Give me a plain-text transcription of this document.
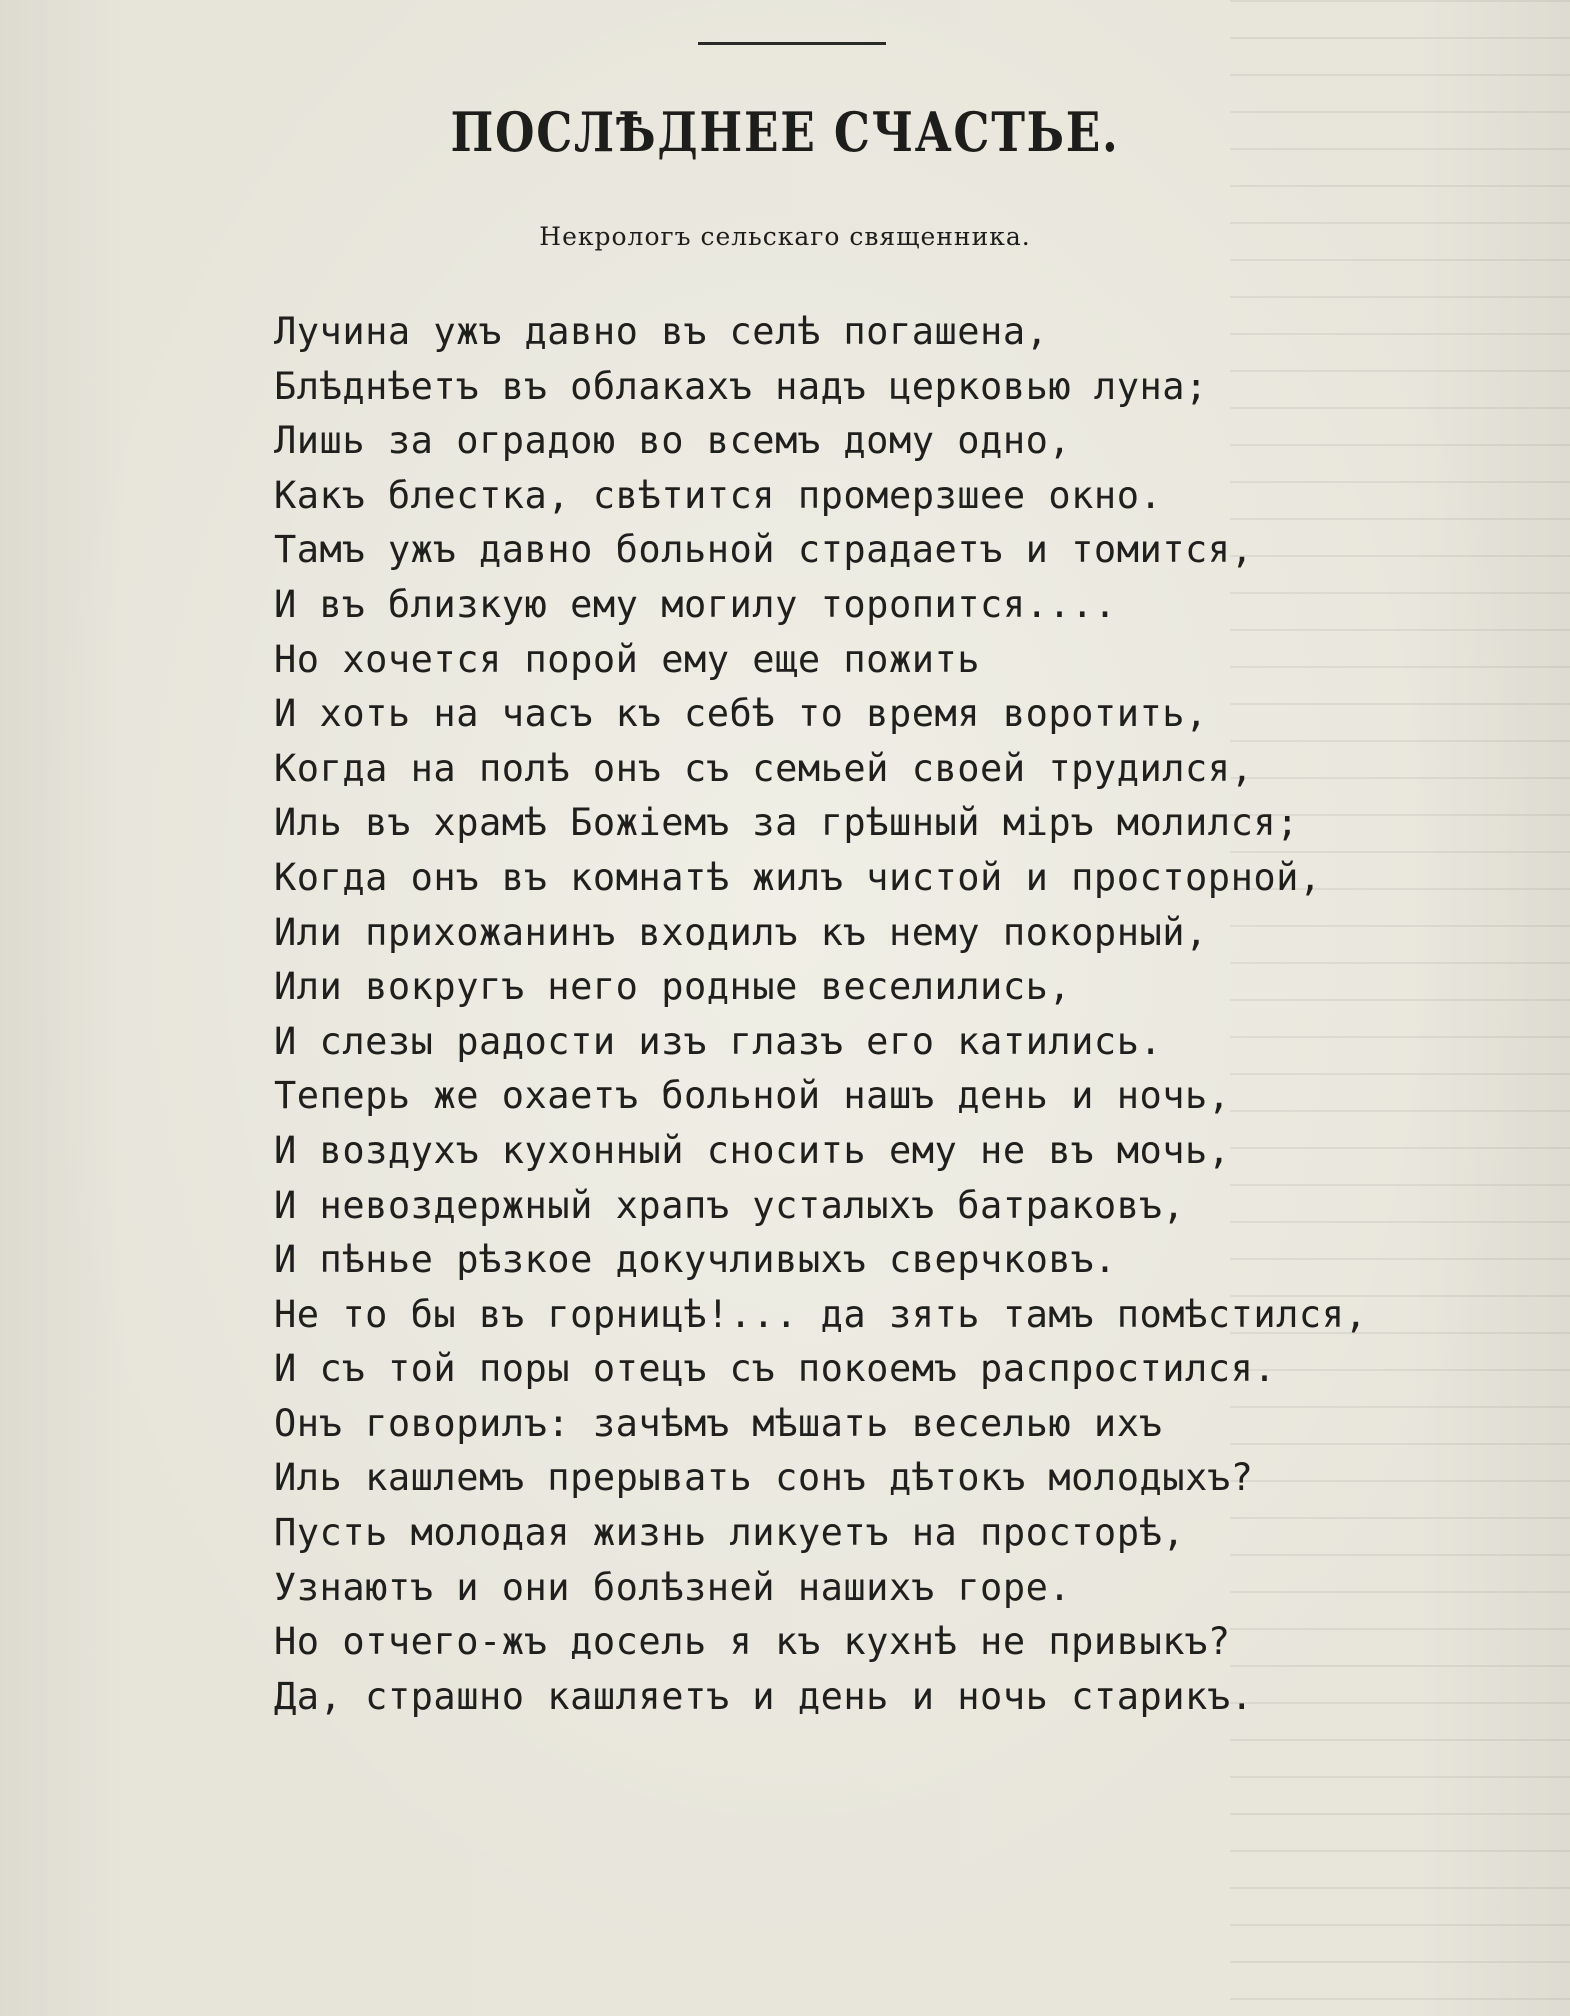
ПОСЛѢДНЕЕ СЧАСТЬЕ.
Некрологъ сельскаго священника.
Лучина ужъ давно въ селѣ погашена,
Блѣднѣетъ въ облакахъ надъ церковью луна;
Лишь за оградою во всемъ дому одно,
Какъ блестка, свѣтится промерзшее окно.
Тамъ ужъ давно больной страдаетъ и томится,
И въ близкую ему могилу торопится....
Но хочется порой ему еще пожить
И хоть на часъ къ себѣ то время воротить,
Когда на полѣ онъ съ семьей своей трудился,
Иль въ храмѣ Божіемъ за грѣшный міръ молился;
Когда онъ въ комнатѣ жилъ чистой и просторной,
Или прихожанинъ входилъ къ нему покорный,
Или вокругъ него родные веселились,
И слезы радости изъ глазъ его катились.
Теперь же охаетъ больной нашъ день и ночь,
И воздухъ кухонный сносить ему не въ мочь,
И невоздержный храпъ усталыхъ батраковъ,
И пѣнье рѣзкое докучливыхъ сверчковъ.
Не то бы въ горницѣ!... да зять тамъ помѣстился,
И съ той поры отецъ съ покоемъ распростился.
Онъ говорилъ: зачѣмъ мѣшать веселью ихъ
Иль кашлемъ прерывать сонъ дѣтокъ молодыхъ?
Пусть молодая жизнь ликуетъ на просторѣ,
Узнаютъ и они болѣзней нашихъ горе.
Но отчего-жъ досель я къ кухнѣ не привыкъ?
Да, страшно кашляетъ и день и ночь старикъ.
